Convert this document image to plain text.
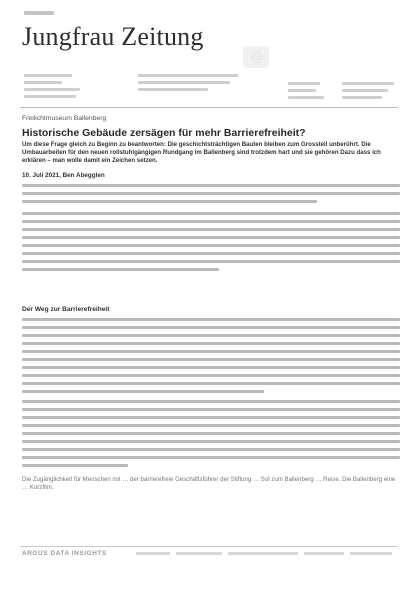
Jungfrau Zeitung
@
Freilichtmuseum Ballenberg
Historische Gebäude zersägen für mehr Barrierefreiheit?

Um diese Frage gleich zu Beginn zu beantworten: Die geschichtsträchtigen Bauten bleiben zum Grossteil unberührt. Die Umbauarbeiten für den neuen rollstuhlgängigen Rundgang im Ballenberg sind trotzdem hart und sie gehören Dazu dass ich erklären – man wolle damit ein Zeichen setzen.

10. Juli 2021, Ben Abegglen
Der Weg zur Barrierefreiheit

Die Zugänglichkeit für Menschen mit … der barrierefreie Geschäftsführer der Stiftung … Sol zum Ballenberg … Reise. Die Ballenberg eine … Kurzfilm.

ARGUS DATA INSIGHTS
